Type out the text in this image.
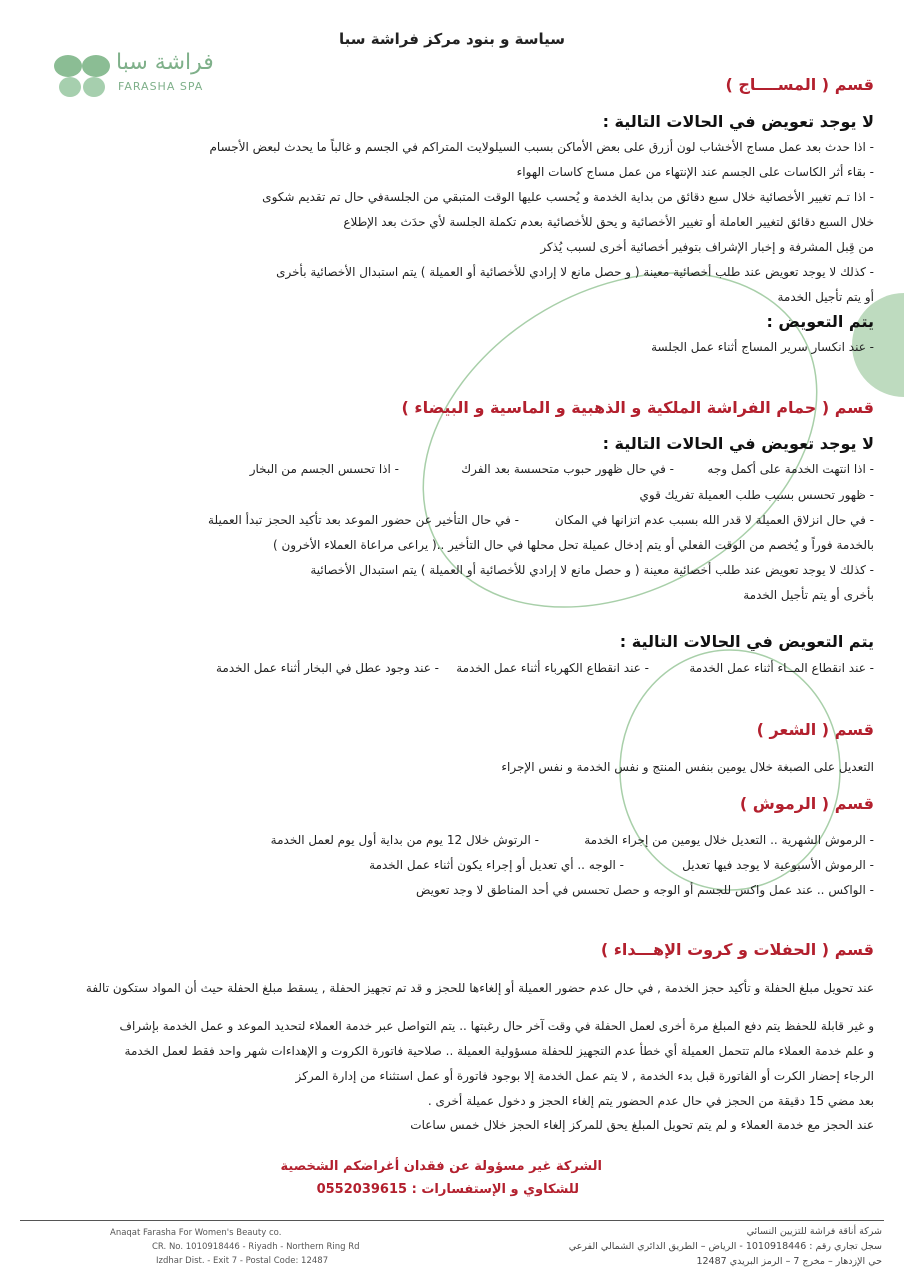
سياسة و بنود مركز فراشة سبا
فراشة سبا
FARASHA SPA	قسم ( المســــاج )
لا يوجد تعويض في الحالات التالية :
- اذا حدث بعد عمل مساج الأخشاب لون أزرق على بعض الأماكن بسبب السيلولايت المتراكم في الجسم و غالباً ما يحدث لبعض الأجسام
- بقاء أثر الكاسات على الجسم عند الإنتهاء من عمل مساج كاسات الهواء
- اذا تـم تغيير الأخصائية خلال سبع دقائق من بداية الخدمة و يُحسب عليها الوقت المتبقي من الجلسةفي حال تم تقديم شكوى
خلال السبع دقائق لتغيير العاملة أو تغيير الأخصائية و يحق للأخصائية بعدم تكملة الجلسة لأي حدَث بعد الإطلاع
من قِبل المشرفة و إخبار الإشراف بتوفير أخصائية أخرى لسبب يُذكر
- كذلك لا يوجد تعويض عند طلب أخصائية معينة ( و حصل مانع لا إرادي للأخصائية أو العميلة ) يتم استبدال الأخصائية بأخرى
أو يتم تأجيل الخدمة
يتم التعويض :
- عند انكسار سرير المساج أثناء عمل الجلسة
قسم ( حمام الفراشة الملكية و الذهبية و الماسية و البيضاء )
لا يوجد تعويض في الحالات التالية :
- اذا انتهت الخدمة على أكمل وجه
- في حال ظهور حبوب متحسسة بعد الفرك
- اذا تحسس الجسم من البخار
- ظهور تحسس بسبب طلب العميلة تفريك قوي
- في حال انزلاق العميلة لا قدر الله بسبب عدم اتزانها في المكان
- في حال التأخير عن حضور الموعد بعد تأكيد الحجز تبدأ العميلة
بالخدمة فوراً و يُخصم من الوقت الفعلي أو يتم إدخال عميلة تحل محلها في حال التأخير ..( يراعى مراعاة العملاء الأخرون )
- كذلك لا يوجد تعويض عند طلب أخصائية معينة ( و حصل مانع لا إرادي للأخصائية أو العميلة ) يتم استبدال الأخصائية
بأخرى أو يتم تأجيل الخدمة
يتم التعويض في الحالات التالية :
- عند انقطاع المــاء أثناء عمل الخدمة
- عند انقطاع الكهرباء أثناء عمل الخدمة
- عند وجود عطل في البخار أثناء عمل الخدمة
قسم ( الشعر )
التعديل على الصبغة خلال يومين بنفس المنتج و نفس الخدمة و نفس الإجراء
قسم ( الرموش )
- الرموش الشهرية .. التعديل خلال يومين من إجراء الخدمة
- الرتوش خلال 12 يوم من بداية أول يوم لعمل الخدمة
- الرموش الأسبوعية لا يوجد فيها تعديل
- الوجه .. أي تعديل أو إجراء يكون أثناء عمل الخدمة
- الواكس .. عند عمل واكس للجسم أو الوجه و حصل تحسس في أحد المناطق لا وجد تعويض
قسم ( الحفلات و كروت الإهـــداء )
عند تحويل مبلغ الحفلة و تأكيد حجز الخدمة , في حال عدم حضور العميلة أو إلغاءها للحجز و قد تم تجهيز الحفلة , يسقط مبلغ الحفلة حيث أن المواد ستكون تالفة
و غير قابلة للحفظ يتم دفع المبلغ مرة أخرى لعمل الحفلة في وقت آخر حال رغبتها .. يتم التواصل عبر خدمة العملاء لتحديد الموعد و عمل الخدمة بإشراف
و علم خدمة العملاء مالم تتحمل العميلة أي خطأ عدم التجهيز للحفلة مسؤولية العميلة .. صلاحية فاتورة الكروت و الإهداءات شهر واحد فقط لعمل الخدمة
الرجاء إحضار الكرت أو الفاتورة قبل بدء الخدمة , لا يتم عمل الخدمة إلا بوجود فاتورة أو عمل استثناء من إدارة المركز
بعد مضي 15 دقيقة من الحجز في حال عدم الحضور يتم إلغاء الحجز و دخول عميلة أخرى .
عند الحجز مع خدمة العملاء و لم يتم تحويل المبلغ يحق للمركز إلغاء الحجز خلال خمس ساعات
الشركة غير مسؤولة عن فقدان أغراضكم الشخصية
للشكاوي و الإستفسارات : 0552039615
Anaqat Farasha For Women's Beauty co.
CR. No. 1010918446 - Riyadh - Northern Ring Rd
Izdhar Dist. - Exit 7 - Postal Code: 12487
شركة أناقة فراشة للتزيين النسائي
سجل تجاري رقم : 1010918446 - الرياض – الطريق الدائري الشمالي الفرعي
حي الإزدهار – مخرج 7 – الرمز البريدي 12487
